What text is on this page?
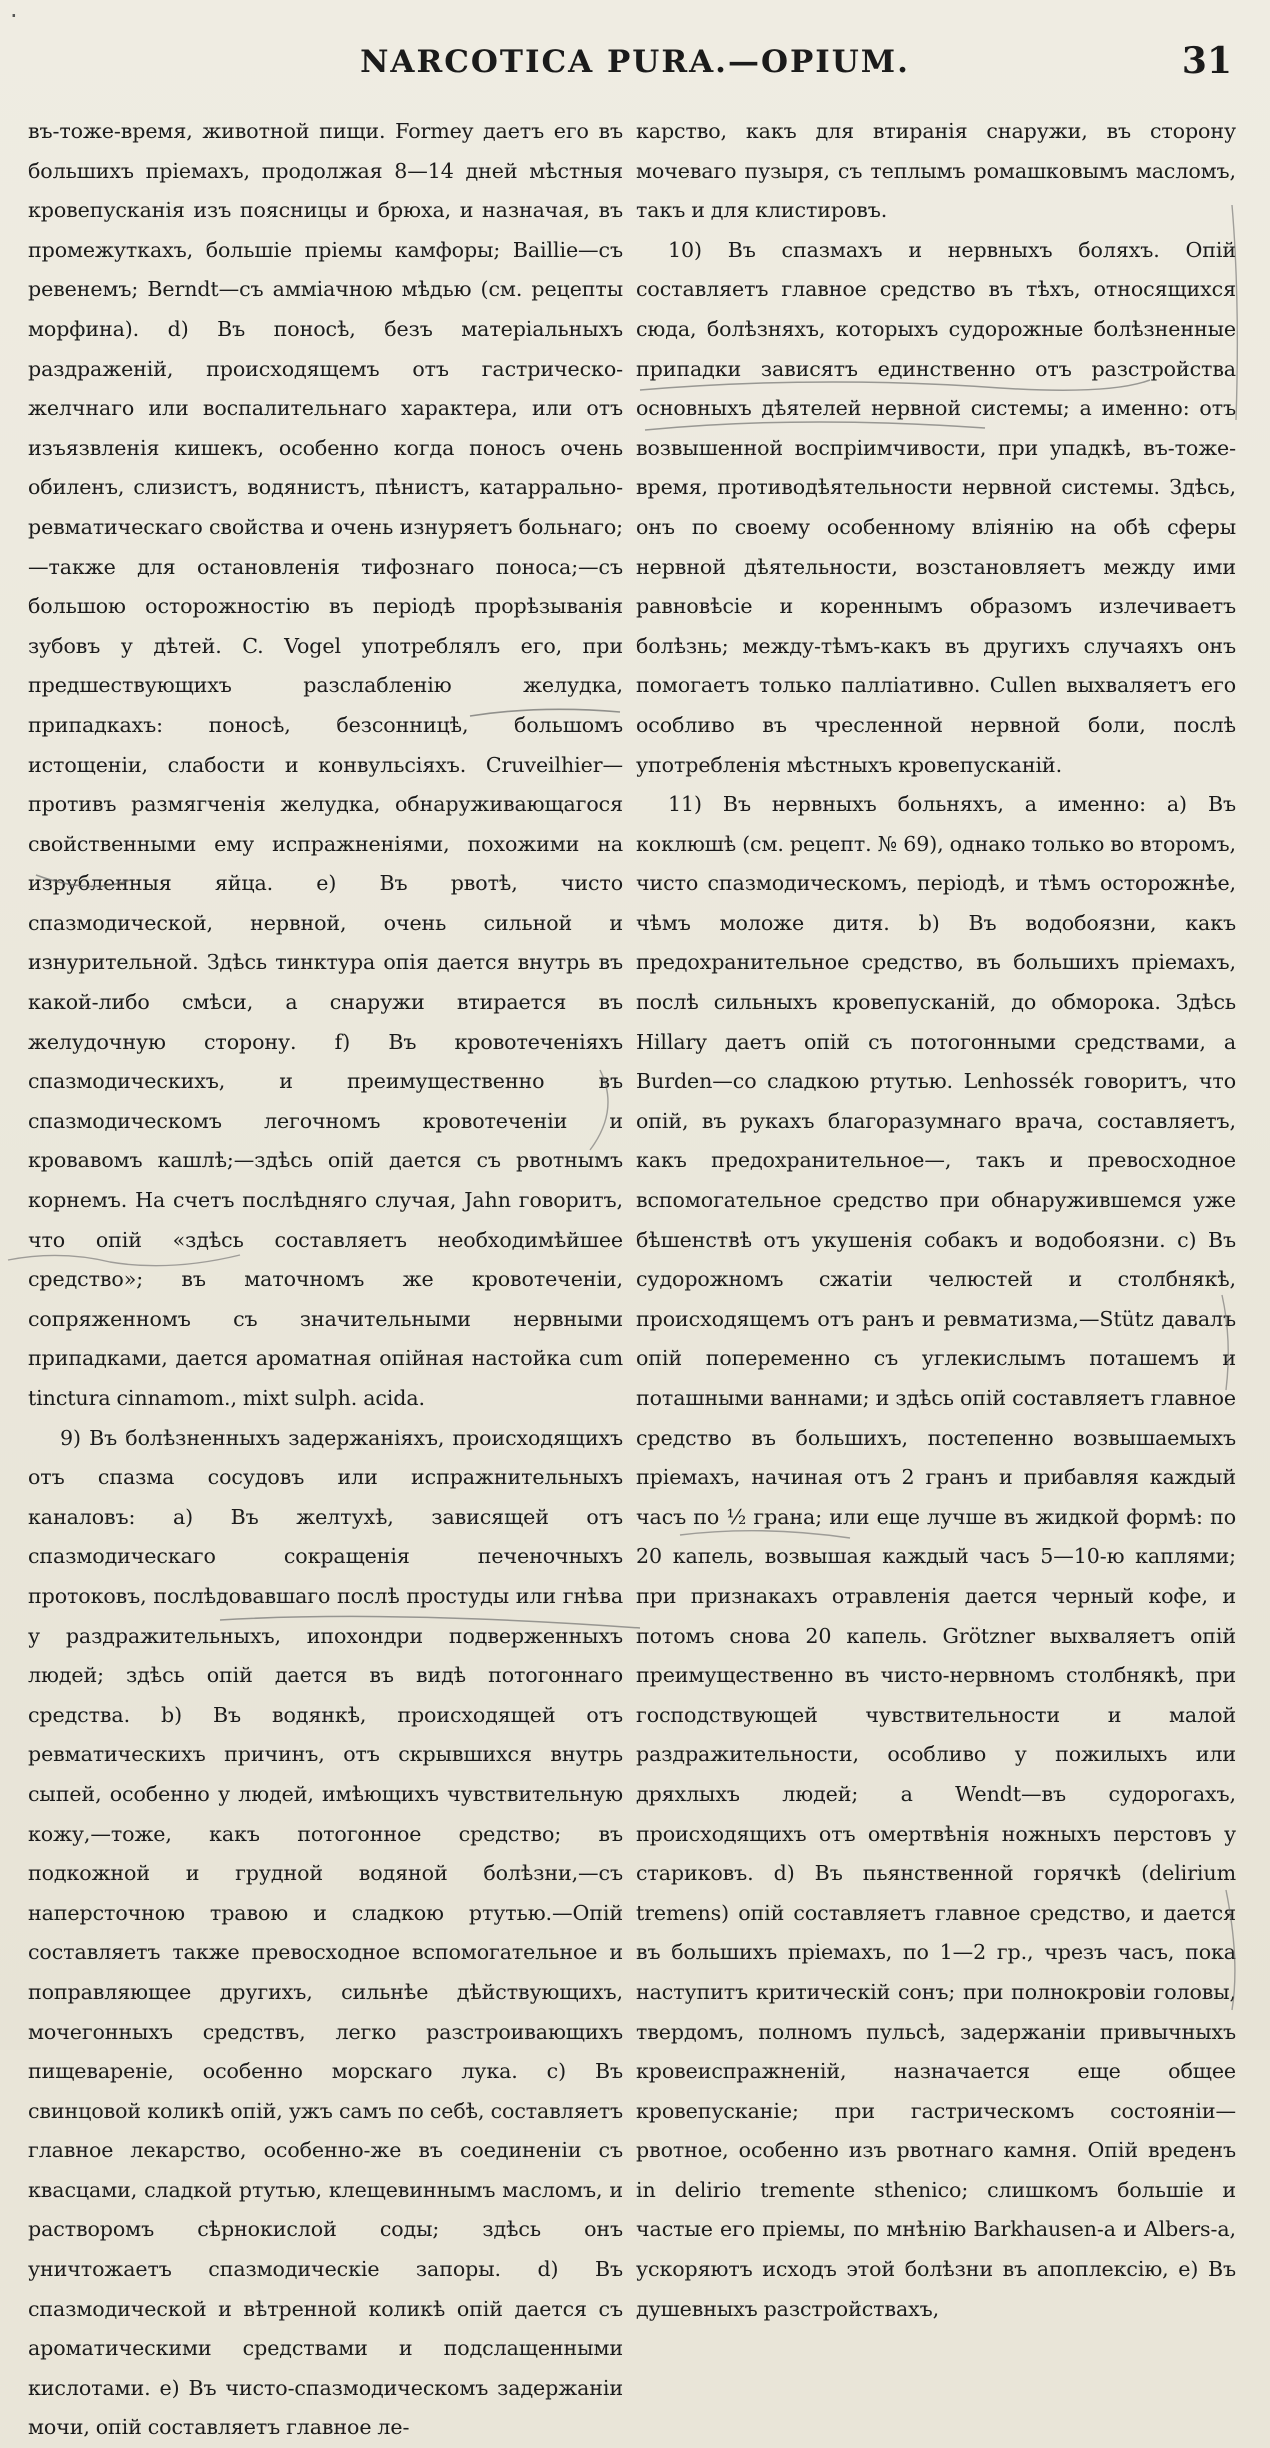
·
NARCOTICA PURA.—OPIUM.	31

въ-тоже-время, животной пищи. Formey даетъ его въ большихъ пріемахъ, продолжая 8—14 дней мѣстныя кровепусканія изъ поясницы и брюха, и назначая, въ промежуткахъ, большіе пріемы камфоры; Baillie—съ ревенемъ; Berndt—съ амміачною мѣдью (см. рецепты морфина). d) Въ поносѣ, безъ матеріальныхъ раздраженій, происходящемъ отъ гастрическо-желчнаго или воспалительнаго характера, или отъ изъязвленія кишекъ, особенно когда поносъ очень обиленъ, слизистъ, водянистъ, пѣнистъ, катаррально-ревматическаго свойства и очень изнуряетъ больнаго;—также для остановленія тифознаго поноса;—съ большою осторожностію въ періодѣ прорѣзыванія зубовъ у дѣтей. C. Vogel употреблялъ его, при предшествующихъ разслабленію желудка, припадкахъ: поносѣ, безсонницѣ, большомъ истощеніи, слабости и конвульсіяхъ. Cruveilhier—противъ размягченія желудка, обнаруживающагося свойственными ему испражненіями, похожими на изрубленныя яйца. e) Въ рвотѣ, чисто спазмодической, нервной, очень сильной и изнурительной. Здѣсь тинктура опія дается внутрь въ какой-либо смѣси, а снаружи втирается въ желудочную сторону. f) Въ кровотеченіяхъ спазмодическихъ, и преимущественно въ спазмодическомъ легочномъ кровотеченіи и кровавомъ кашлѣ;—здѣсь опій дается съ рвотнымъ корнемъ. На счетъ послѣдняго случая, Jahn говоритъ, что опій «здѣсь составляетъ необходимѣйшее средство»; въ маточномъ же кровотеченіи, сопряженномъ съ значительными нервными припадками, дается ароматная опійная настойка cum tinctura cinnamom., mixt sulph. acida.

9) Въ болѣзненныхъ задержаніяхъ, происходящихъ отъ спазма сосудовъ или испражнительныхъ каналовъ: a) Въ желтухѣ, зависящей отъ спазмодическаго сокращенія печеночныхъ протоковъ, послѣдовавшаго послѣ простуды или гнѣва у раздражительныхъ, ипохондри подверженныхъ людей; здѣсь опій дается въ видѣ потогоннаго средства. b) Въ водянкѣ, происходящей отъ ревматическихъ причинъ, отъ скрывшихся внутрь сыпей, особенно у людей, имѣющихъ чувствительную кожу,—тоже, какъ потогонное средство; въ подкожной и грудной водяной болѣзни,—съ наперсточною травою и сладкою ртутью.—Опій составляетъ также превосходное вспомогательное и поправляющее другихъ, сильнѣе дѣйствующихъ, мочегонныхъ средствъ, легко разстроивающихъ пищевареніе, особенно морскаго лука. c) Въ свинцовой коликѣ опій, ужъ самъ по себѣ, составляетъ главное лекарство, особенно-же въ соединеніи съ квасцами, сладкой ртутью, клещевиннымъ масломъ, и растворомъ сѣрнокислой соды; здѣсь онъ уничтожаетъ спазмодическіе запоры. d) Въ спазмодической и вѣтренной коликѣ опій дается съ ароматическими средствами и подслащенными кислотами. e) Въ чисто-спазмодическомъ задержаніи мочи, опій составляетъ главное ле-

карство, какъ для втиранія снаружи, въ сторону мочеваго пузыря, съ теплымъ ромашковымъ масломъ, такъ и для клистировъ.

10) Въ спазмахъ и нервныхъ боляхъ. Опій составляетъ главное средство въ тѣхъ, относящихся сюда, болѣзняхъ, которыхъ судорожные болѣзненные припадки зависятъ единственно отъ разстройства основныхъ дѣятелей нервной системы; а именно: отъ возвышенной воспріимчивости, при упадкѣ, въ-тоже-время, противодѣятельности нервной системы. Здѣсь, онъ по своему особенному вліянію на обѣ сферы нервной дѣятельности, возстановляетъ между ими равновѣсіе и кореннымъ образомъ излечиваетъ болѣзнь; между-тѣмъ-какъ въ другихъ случаяхъ онъ помогаетъ только палліативно. Cullen выхваляетъ его особливо въ чресленной нервной боли, послѣ употребленія мѣстныхъ кровепусканій.

11) Въ нервныхъ больняхъ, а именно: a) Въ коклюшѣ (см. рецепт. № 69), однако только во второмъ, чисто спазмодическомъ, періодѣ, и тѣмъ осторожнѣе, чѣмъ моложе дитя. b) Въ водобоязни, какъ предохранительное средство, въ большихъ пріемахъ, послѣ сильныхъ кровепусканій, до обморока. Здѣсь Hillary даетъ опій съ потогонными средствами, а Burden—со сладкою ртутью. Lenhossék говоритъ, что опій, въ рукахъ благоразумнаго врача, составляетъ, какъ предохранительное—, такъ и превосходное вспомогательное средство при обнаружившемся уже бѣшенствѣ отъ укушенія собакъ и водобоязни. c) Въ судорожномъ сжатіи челюстей и столбнякѣ, происходящемъ отъ ранъ и ревматизма,—Stütz давалъ опій попеременно съ углекислымъ поташемъ и поташными ваннами; и здѣсь опій составляетъ главное средство въ большихъ, постепенно возвышаемыхъ пріемахъ, начиная отъ 2 гранъ и прибавляя каждый часъ по ½ грана; или еще лучше въ жидкой формѣ: по 20 капель, возвышая каждый часъ 5—10-ю каплями; при признакахъ отравленія дается черный кофе, и потомъ снова 20 капель. Grötzner выхваляетъ опій преимущественно въ чисто-нервномъ столбнякѣ, при господствующей чувствительности и малой раздражительности, особливо у пожилыхъ или дряхлыхъ людей; а Wendt—въ судорогахъ, происходящихъ отъ омертвѣнія ножныхъ перстовъ у стариковъ. d) Въ пьянственной горячкѣ (delirium tremens) опій составляетъ главное средство, и дается въ большихъ пріемахъ, по 1—2 гр., чрезъ часъ, пока наступитъ критическій сонъ; при полнокровіи головы, твердомъ, полномъ пульсѣ, задержаніи привычныхъ кровеиспражненій, назначается еще общее кровепусканіе; при гастрическомъ состояніи—рвотное, особенно изъ рвотнаго камня. Опій вреденъ in delirio tremente sthenico; слишкомъ большіе и частые его пріемы, по мнѣнію Barkhausen-а и Albers-а, ускоряютъ исходъ этой болѣзни въ апоплексію, e) Въ душевныхъ разстройствахъ,
